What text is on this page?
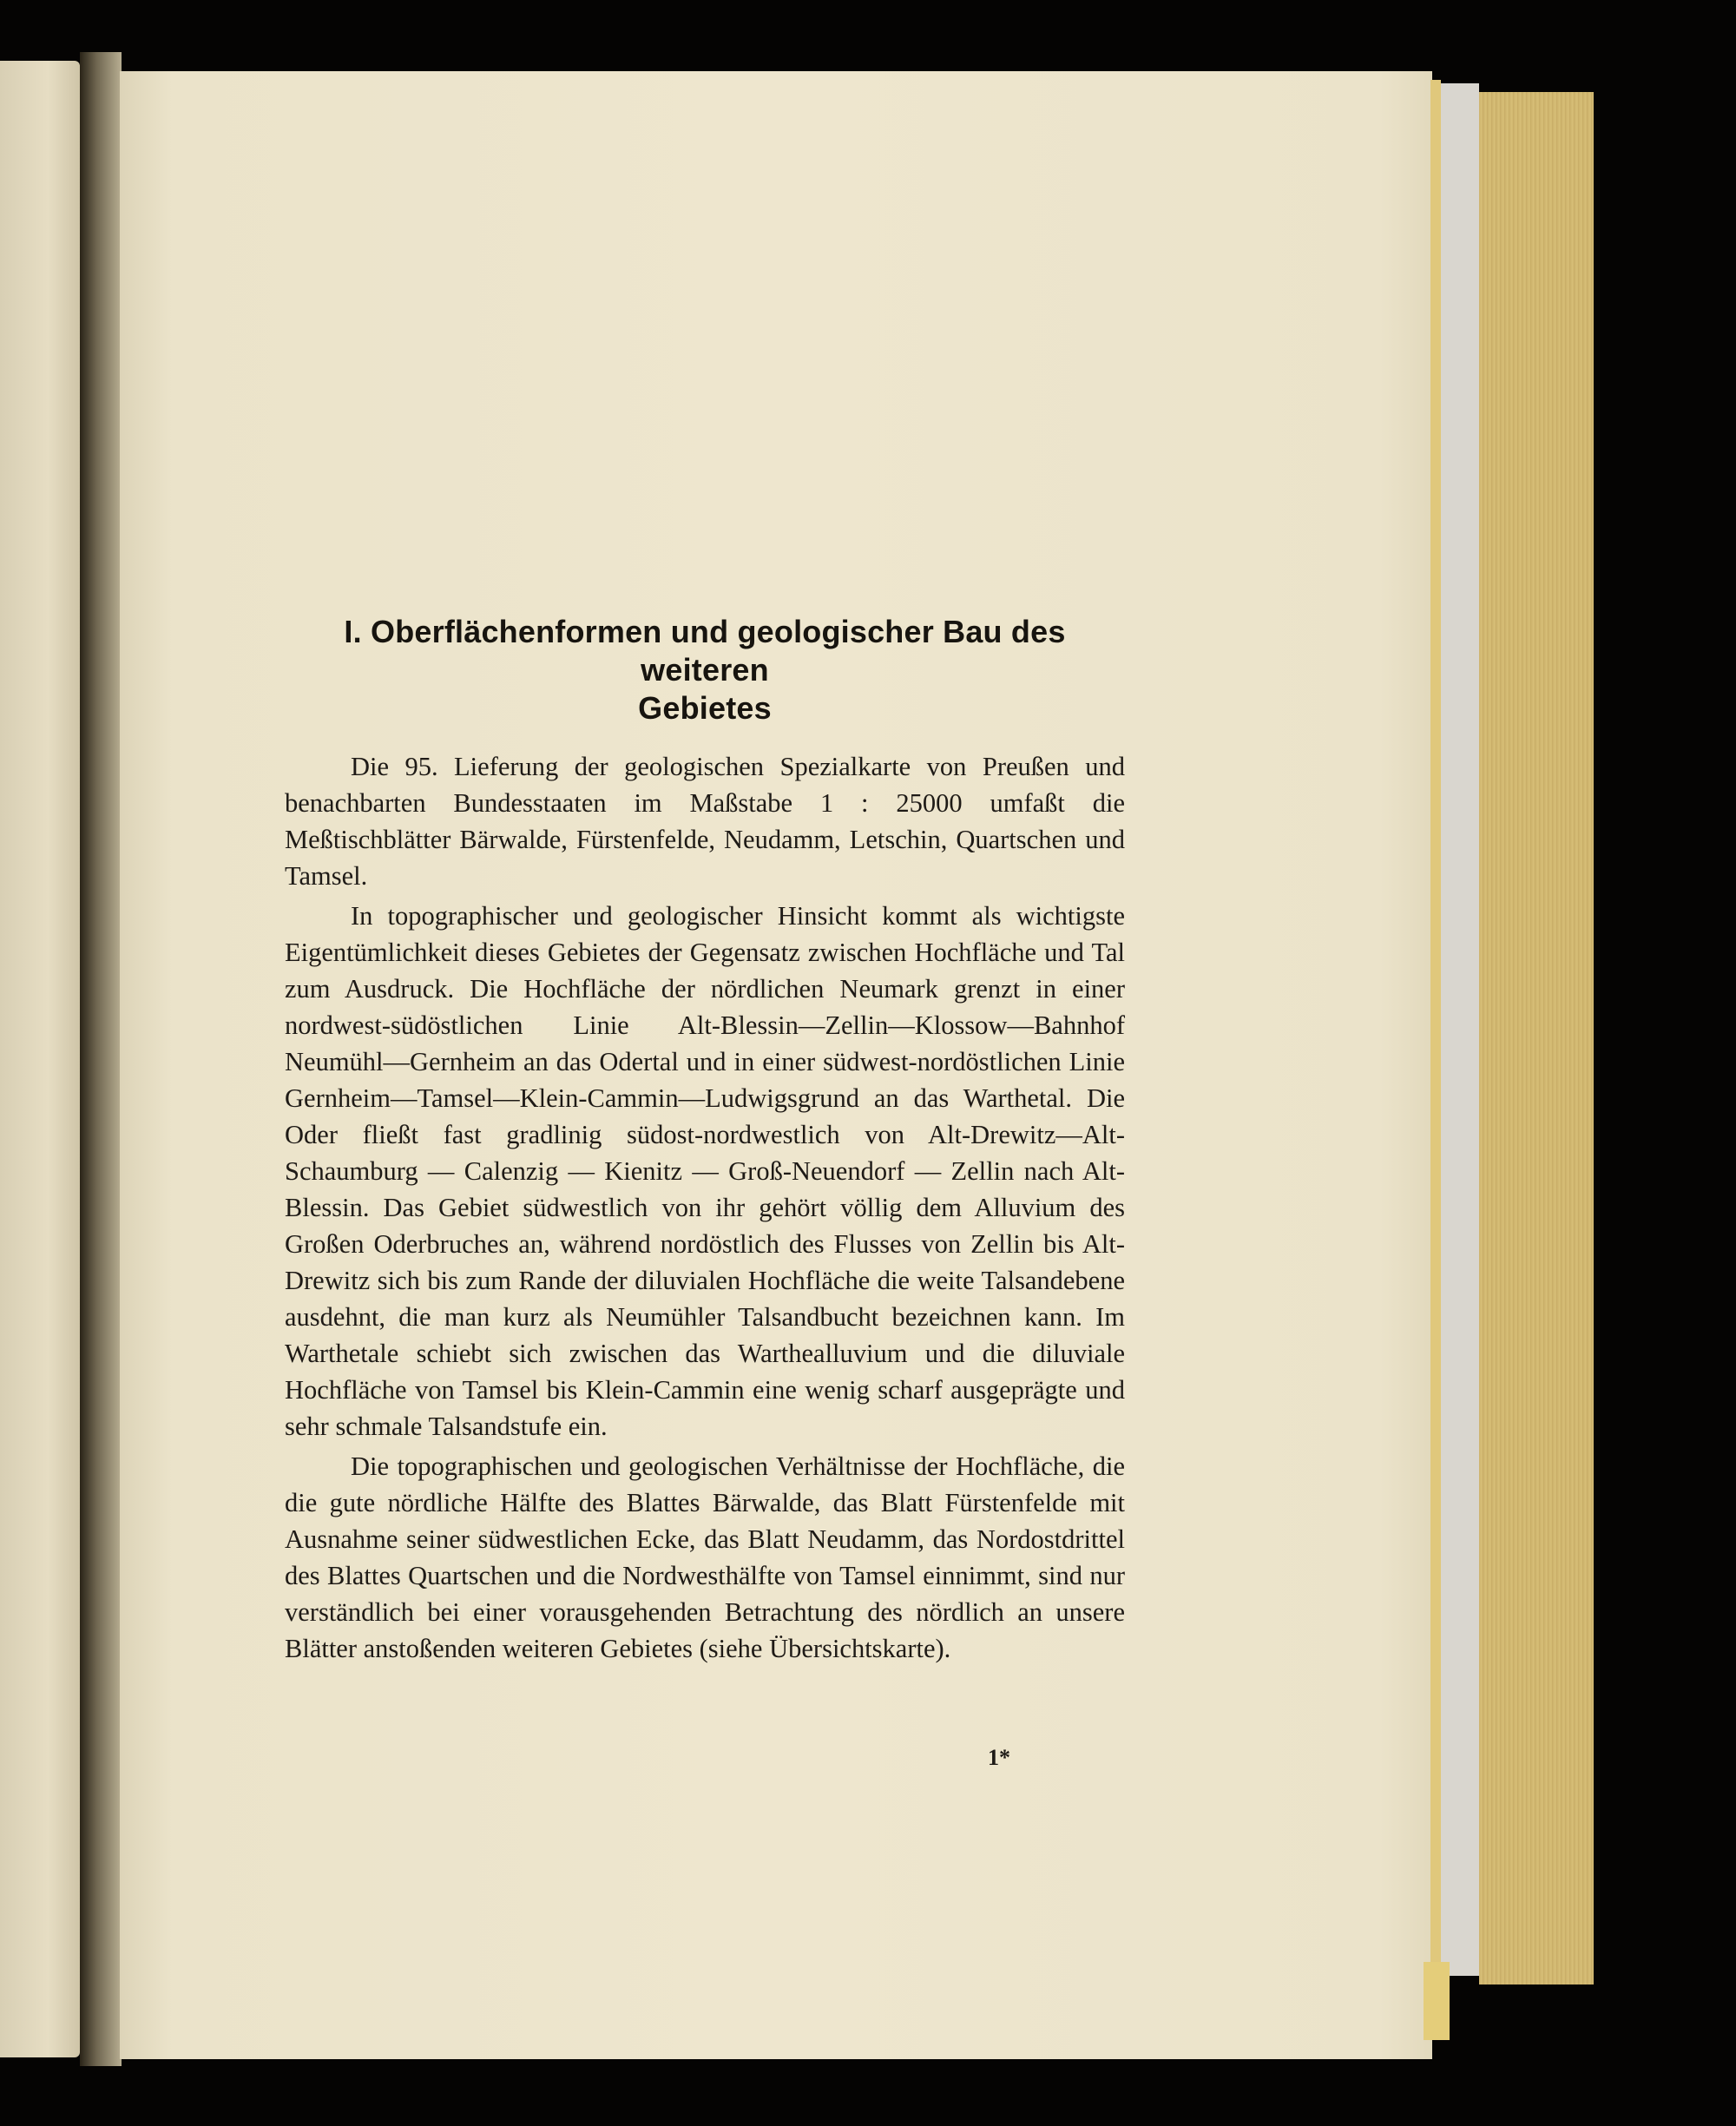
I. Oberflächenformen und geologischer Bau des weiteren
Gebietes

Die 95. Lieferung der geologischen Spezialkarte von Preußen und benachbarten Bundesstaaten im Maßstabe 1 : 25000 umfaßt die Meßtischblätter Bärwalde, Fürstenfelde, Neudamm, Letschin, Quartschen und Tamsel.

In topographischer und geologischer Hinsicht kommt als wichtigste Eigentümlichkeit dieses Gebietes der Gegensatz zwischen Hochfläche und Tal zum Ausdruck. Die Hochfläche der nördlichen Neumark grenzt in einer nordwest-südöstlichen Linie Alt-Blessin—Zellin—Klossow—Bahnhof Neumühl—Gernheim an das Odertal und in einer südwest-nordöstlichen Linie Gernheim—Tamsel—Klein-Cammin—Ludwigsgrund an das Warthetal. Die Oder fließt fast gradlinig südost-nordwestlich von Alt-Drewitz—Alt-Schaumburg — Calenzig — Kienitz — Groß-Neuendorf — Zellin nach Alt-Blessin. Das Gebiet südwestlich von ihr gehört völlig dem Alluvium des Großen Oderbruches an, während nordöstlich des Flusses von Zellin bis Alt-Drewitz sich bis zum Rande der diluvialen Hochfläche die weite Talsandebene ausdehnt, die man kurz als Neumühler Talsandbucht bezeichnen kann. Im Warthetale schiebt sich zwischen das Warthealluvium und die diluviale Hochfläche von Tamsel bis Klein-Cammin eine wenig scharf ausgeprägte und sehr schmale Talsandstufe ein.

Die topographischen und geologischen Verhältnisse der Hochfläche, die die gute nördliche Hälfte des Blattes Bärwalde, das Blatt Fürstenfelde mit Ausnahme seiner südwestlichen Ecke, das Blatt Neudamm, das Nordostdrittel des Blattes Quartschen und die Nordwesthälfte von Tamsel einnimmt, sind nur verständlich bei einer vorausgehenden Betrachtung des nördlich an unsere Blätter anstoßenden weiteren Gebietes (siehe Übersichtskarte).

1*
